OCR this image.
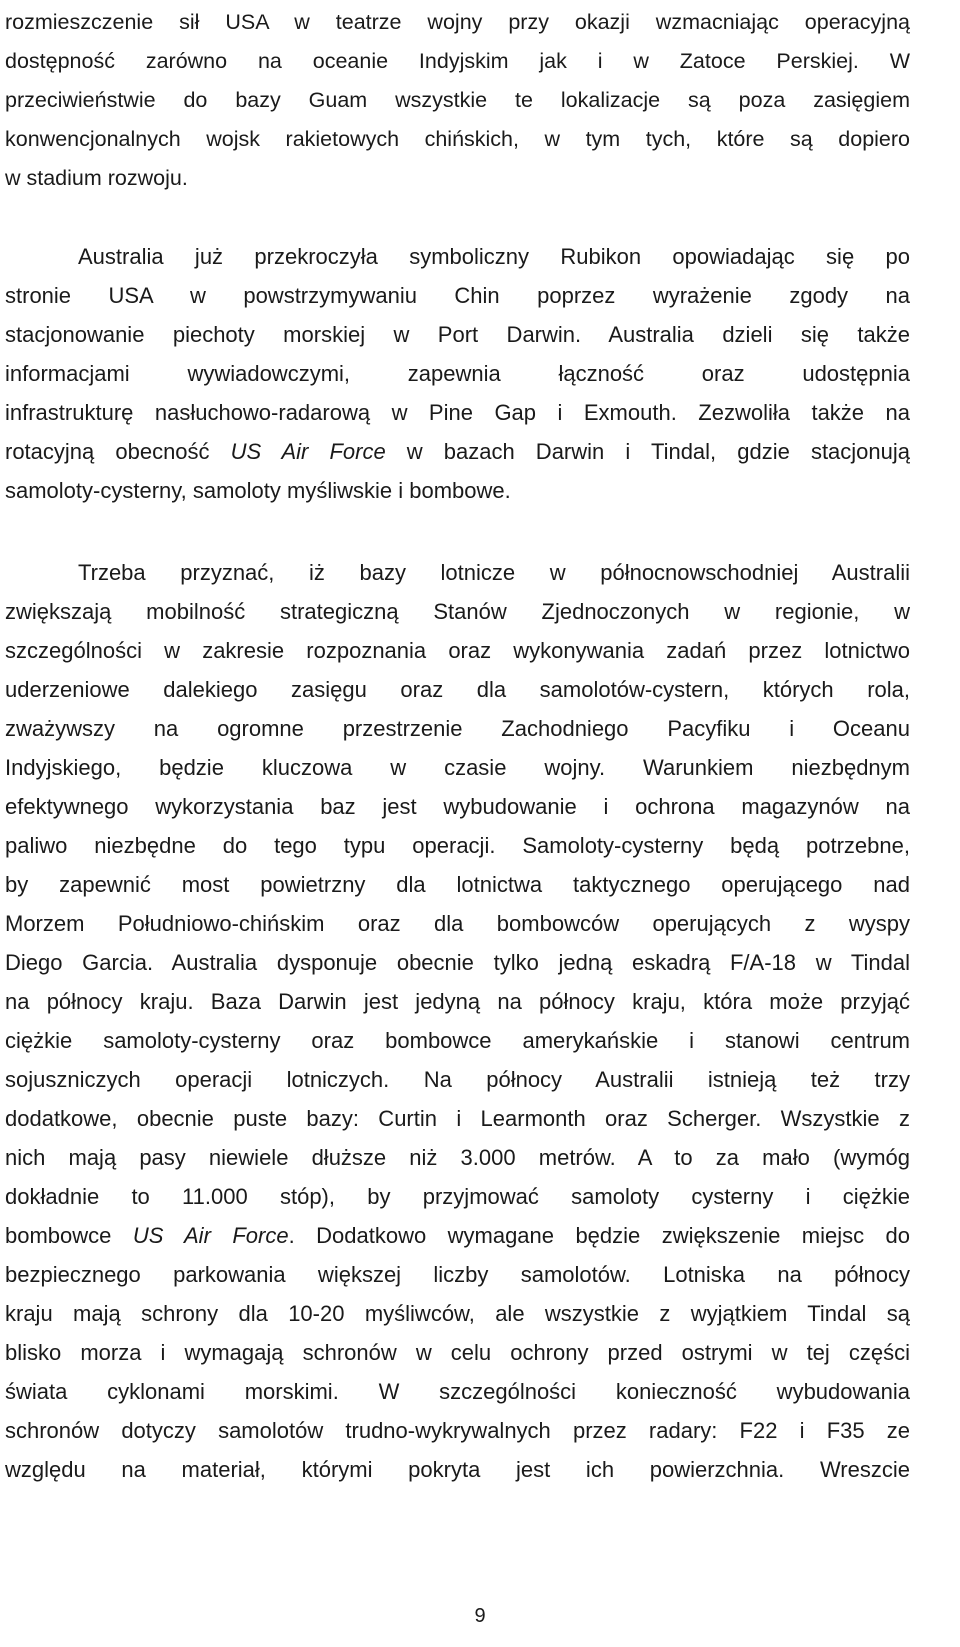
rozmieszczenie sił USA w teatrze wojny przy okazji wzmacniając operacyjną
dostępność zarówno na oceanie Indyjskim jak i w Zatoce Perskiej. W
przeciwieństwie do bazy Guam wszystkie te lokalizacje są poza zasięgiem
konwencjonalnych wojsk rakietowych chińskich, w tym tych, które są dopiero
w stadium rozwoju.
Australia już przekroczyła symboliczny Rubikon opowiadając się po
stronie USA w powstrzymywaniu Chin poprzez wyrażenie zgody na
stacjonowanie piechoty morskiej w Port Darwin. Australia dzieli się także
informacjami wywiadowczymi, zapewnia łączność oraz udostępnia
infrastrukturę nasłuchowo-radarową w Pine Gap i Exmouth. Zezwoliła także na
rotacyjną obecność US Air Force w bazach Darwin i Tindal, gdzie stacjonują
samoloty-cysterny, samoloty myśliwskie i bombowe.
Trzeba przyznać, iż bazy lotnicze w północnowschodniej Australii
zwiększają mobilność strategiczną Stanów Zjednoczonych w regionie, w
szczególności w zakresie rozpoznania oraz wykonywania zadań przez lotnictwo
uderzeniowe dalekiego zasięgu oraz dla samolotów-cystern, których rola,
zważywszy na ogromne przestrzenie Zachodniego Pacyfiku i Oceanu
Indyjskiego, będzie kluczowa w czasie wojny. Warunkiem niezbędnym
efektywnego wykorzystania baz jest wybudowanie i ochrona magazynów na
paliwo niezbędne do tego typu operacji. Samoloty-cysterny będą potrzebne,
by zapewnić most powietrzny dla lotnictwa taktycznego operującego nad
Morzem Południowo-chińskim oraz dla bombowców operujących z wyspy
Diego Garcia. Australia dysponuje obecnie tylko jedną eskadrą F/A-18 w Tindal
na północy kraju. Baza Darwin jest jedyną na północy kraju, która może przyjąć
ciężkie samoloty-cysterny oraz bombowce amerykańskie i stanowi centrum
sojuszniczych operacji lotniczych. Na północy Australii istnieją też trzy
dodatkowe, obecnie puste bazy: Curtin i Learmonth oraz Scherger. Wszystkie z
nich mają pasy niewiele dłuższe niż 3.000 metrów. A to za mało (wymóg
dokładnie to 11.000 stóp), by przyjmować samoloty cysterny i ciężkie
bombowce US Air Force. Dodatkowo wymagane będzie zwiększenie miejsc do
bezpiecznego parkowania większej liczby samolotów. Lotniska na północy
kraju mają schrony dla 10-20 myśliwców, ale wszystkie z wyjątkiem Tindal są
blisko morza i wymagają schronów w celu ochrony przed ostrymi w tej części
świata cyklonami morskimi. W szczególności konieczność wybudowania
schronów dotyczy samolotów trudno-wykrywalnych przez radary: F22 i F35 ze
względu na materiał, którymi pokryta jest ich powierzchnia. Wreszcie
9
